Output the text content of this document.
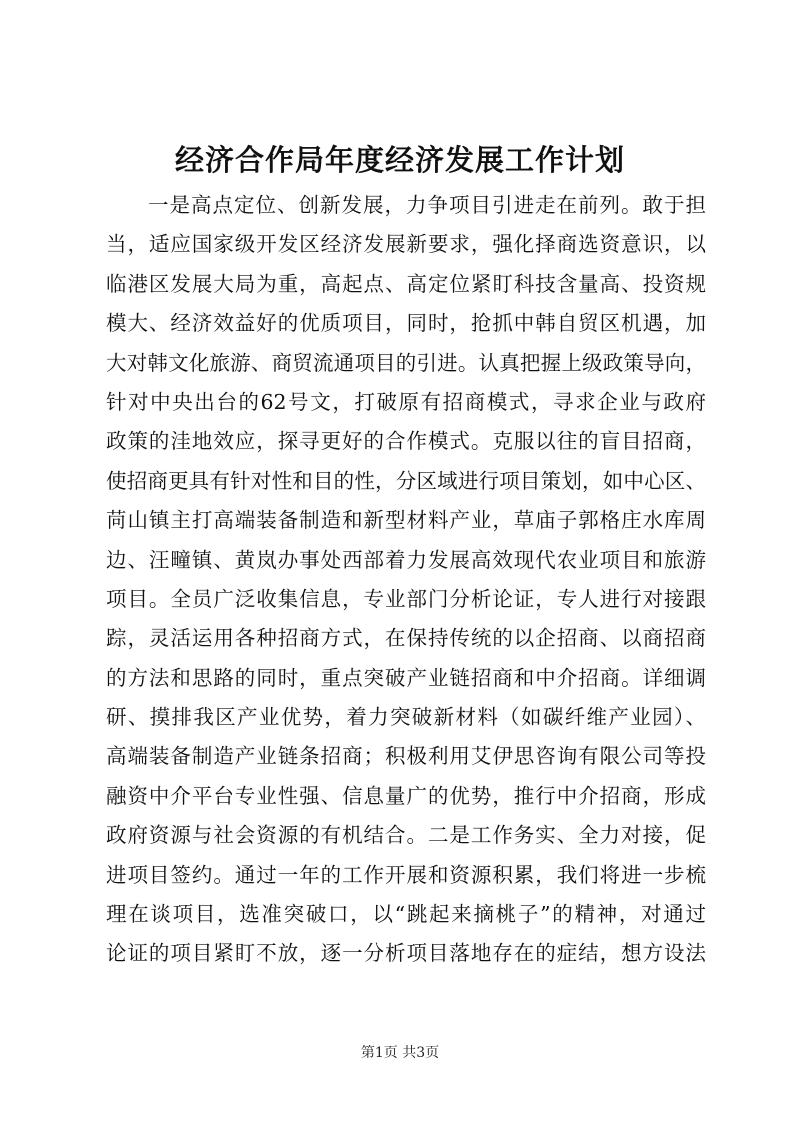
经济合作局年度经济发展工作计划
一是高点定位、创新发展，力争项目引进走在前列。敢于担
当，适应国家级开发区经济发展新要求，强化择商选资意识，以
临港区发展大局为重，高起点、高定位紧盯科技含量高、投资规
模大、经济效益好的优质项目，同时，抢抓中韩自贸区机遇，加
大对韩文化旅游、商贸流通项目的引进。认真把握上级政策导向，
针对中央出台的62号文，打破原有招商模式，寻求企业与政府
政策的洼地效应，探寻更好的合作模式。克服以往的盲目招商，
使招商更具有针对性和目的性，分区域进行项目策划，如中心区、
苘山镇主打高端装备制造和新型材料产业，草庙子郭格庄水库周
边、汪疃镇、黄岚办事处西部着力发展高效现代农业项目和旅游
项目。全员广泛收集信息，专业部门分析论证，专人进行对接跟
踪，灵活运用各种招商方式，在保持传统的以企招商、以商招商
的方法和思路的同时，重点突破产业链招商和中介招商。详细调
研、摸排我区产业优势，着力突破新材料（如碳纤维产业园）、
高端装备制造产业链条招商；积极利用艾伊思咨询有限公司等投
融资中介平台专业性强、信息量广的优势，推行中介招商，形成
政府资源与社会资源的有机结合。二是工作务实、全力对接，促
进项目签约。通过一年的工作开展和资源积累，我们将进一步梳
理在谈项目，选准突破口，以“跳起来摘桃子”的精神，对通过
论证的项目紧盯不放，逐一分析项目落地存在的症结，想方设法
第1页 共3页
